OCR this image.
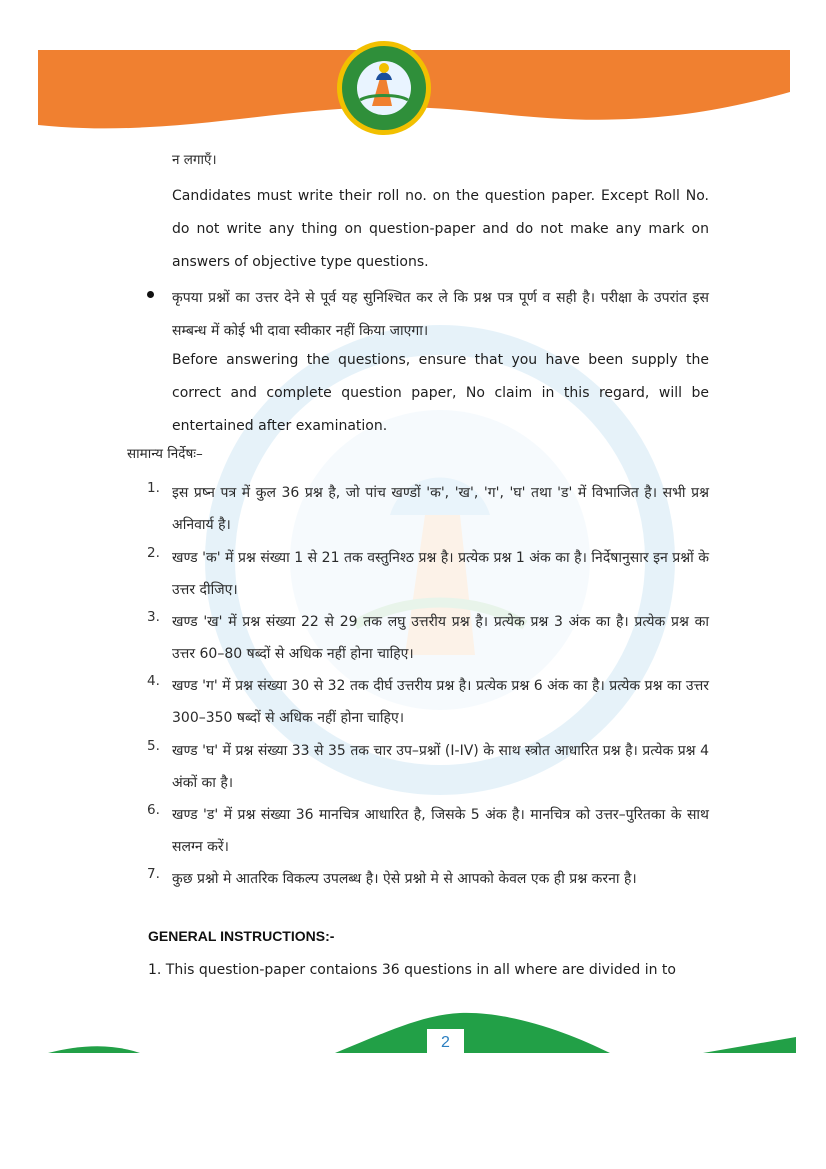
न लगाएँ।
Candidates must write their roll no. on the question paper. Except Roll No. do not write any thing on question-paper and do not make any mark on answers of objective type questions.
कृपया प्रश्नों का उत्तर देने से पूर्व यह सुनिश्चित कर ले कि प्रश्न पत्र पूर्ण व सही है। परीक्षा के उपरांत इस सम्बन्ध में कोई भी दावा स्वीकार नहीं किया जाएगा।
Before answering the questions, ensure that you have been supply the correct and complete question paper, No claim in this regard, will be entertained after examination.
सामान्य निर्देषः–
1. इस प्रष्न पत्र में कुल 36 प्रश्न है, जो पांच खण्डों 'क', 'ख', 'ग', 'घ' तथा 'ड' में विभाजित है। सभी प्रश्न अनिवार्य है।
2. खण्ड 'क' में प्रश्न संख्या 1 से 21 तक वस्तुनिश्ठ प्रश्न है। प्रत्येक प्रश्न 1 अंक का है। निर्देषानुसार इन प्रश्नों के उत्तर दीजिए।
3. खण्ड 'ख' में प्रश्न संख्या 22 से 29 तक लघु उत्तरीय प्रश्न है। प्रत्येक प्रश्न 3 अंक का है। प्रत्येक प्रश्न का उत्तर 60–80 षब्दों से अधिक नहीं होना चाहिए।
4. खण्ड 'ग' में प्रश्न संख्या 30 से 32 तक दीर्घ उत्तरीय प्रश्न है। प्रत्येक प्रश्न 6 अंक का है। प्रत्येक प्रश्न का उत्तर 300–350 षब्दों से अधिक नहीं होना चाहिए।
5. खण्ड 'घ' में प्रश्न संख्या 33 से 35 तक चार उप–प्रश्नों (I-IV) के साथ स्त्रोत आधारित प्रश्न है। प्रत्येक प्रश्न 4 अंकों का है।
6. खण्ड 'ड' में प्रश्न संख्या 36 मानचित्र आधारित है, जिसके 5 अंक है। मानचित्र को उत्तर–पुरितका के साथ सलग्न करें।
7. कुछ प्रश्नो मे आतरिक विकल्प उपलब्ध है। ऐसे प्रश्नो मे से आपको केवल एक ही प्रश्न करना है।
GENERAL INSTRUCTIONS:-
1. This question-paper contaions 36 questions in all where are divided in to
2
